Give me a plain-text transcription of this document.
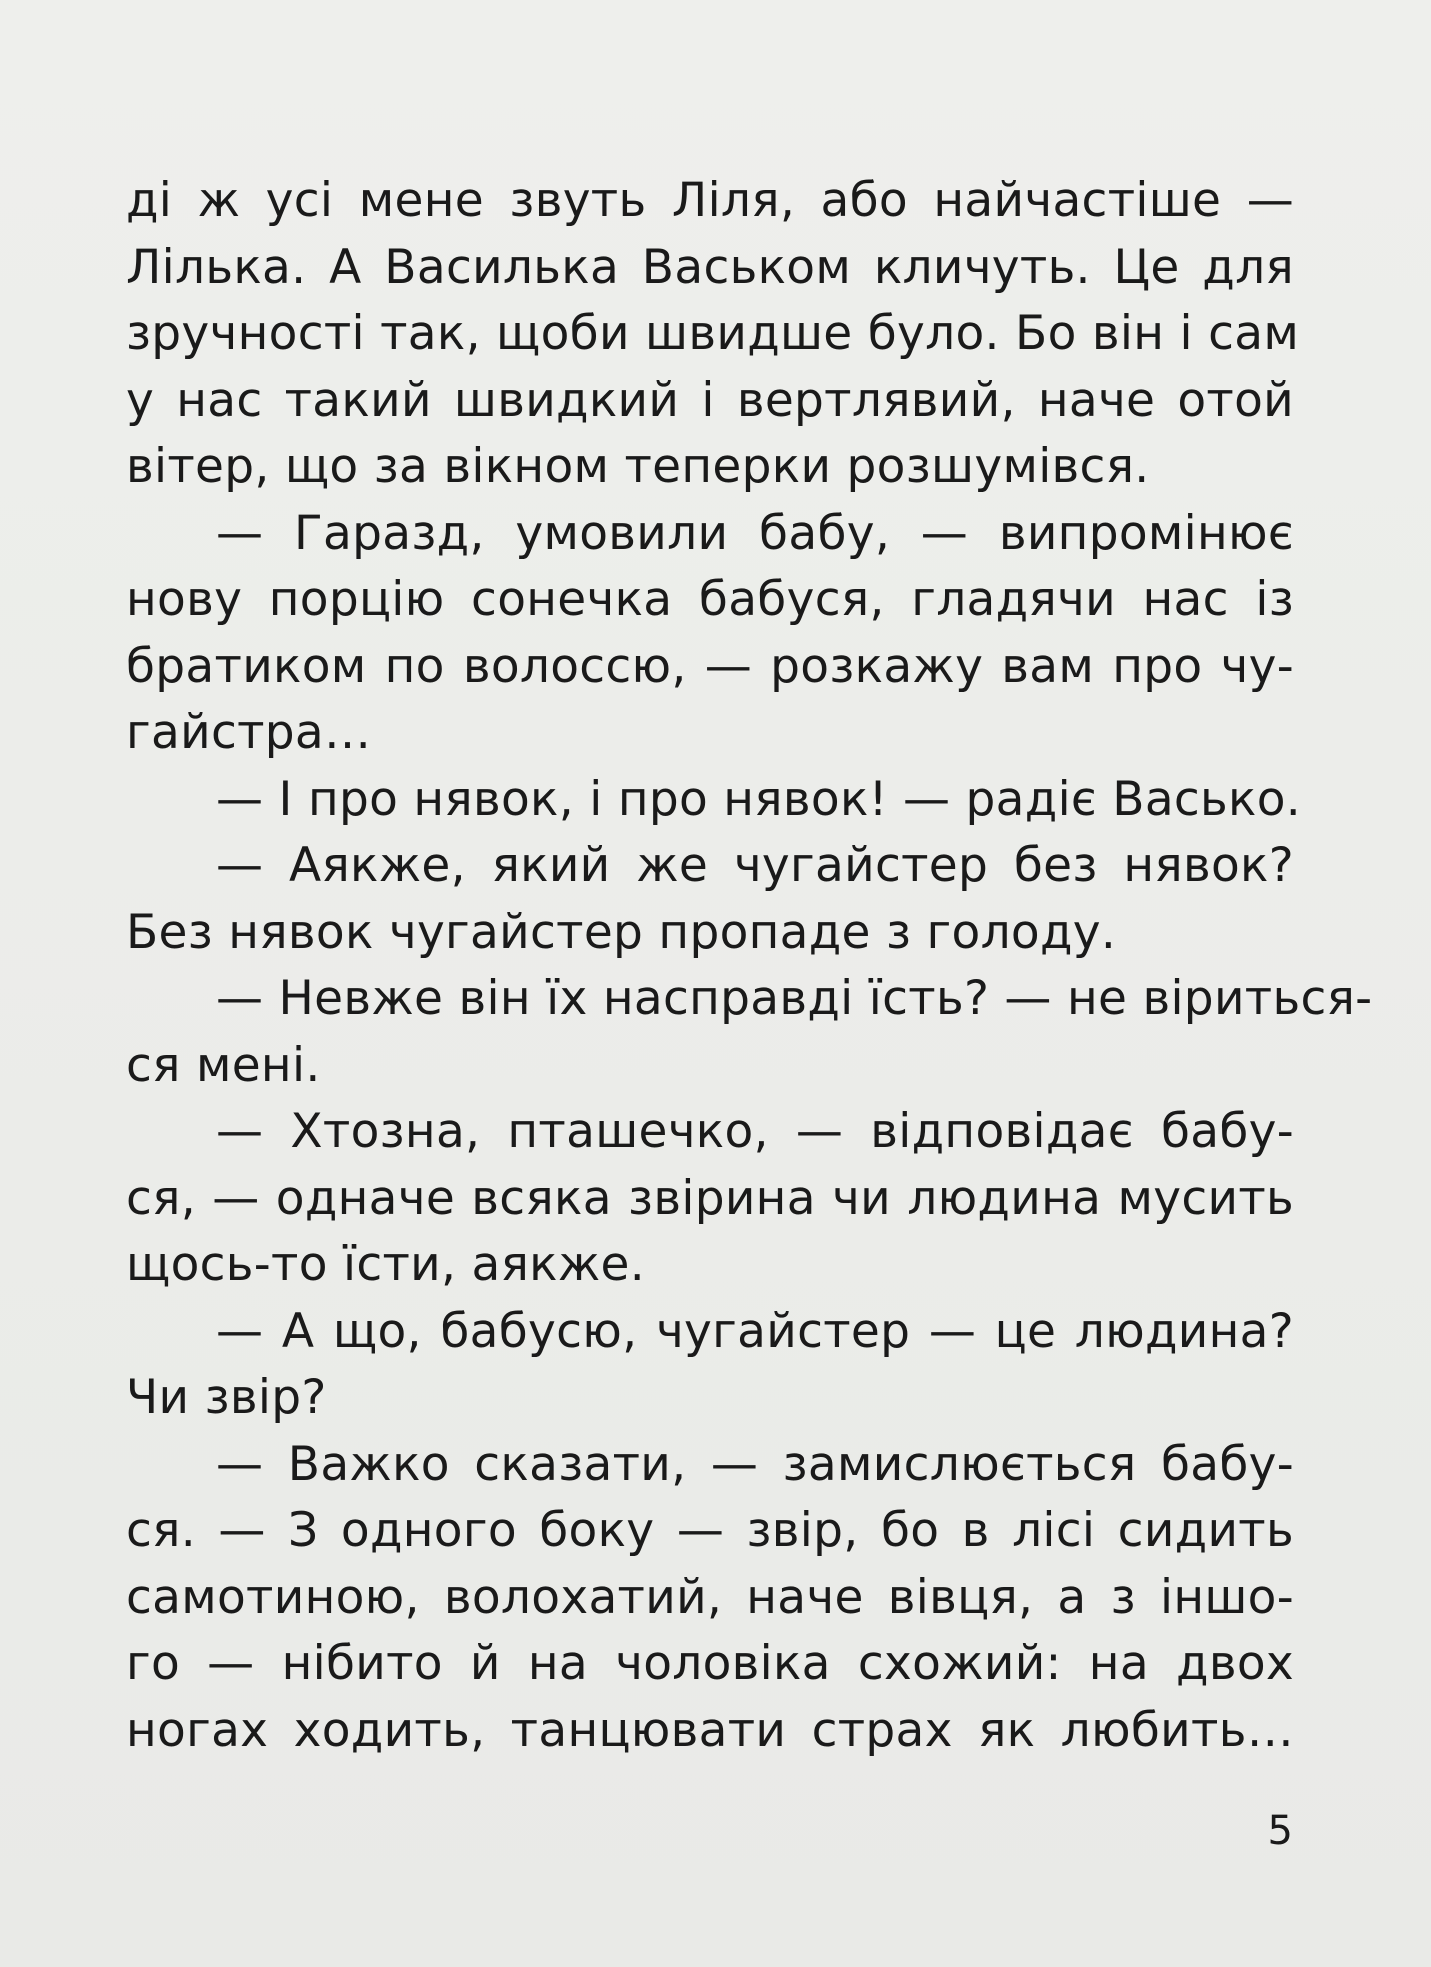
ді ж усі мене звуть Ліля, або найчастіше —
Лілька. А Василька Васьком кличуть. Це для
зручності так, щоби швидше було. Бо він і сам
у нас такий швидкий і вертлявий, наче отой
вітер, що за вікном теперки розшумівся.
— Гаразд, умовили бабу, — випромінює
нову порцію сонечка бабуся, гладячи нас із
братиком по волоссю, — розкажу вам про чу-
гайстра…
— І про нявок, і про нявок! — радіє Васько.
— Аякже, який же чугайстер без нявок?
Без нявок чугайстер пропаде з голоду.
— Невже він їх насправді їсть? — не віриться-
ся мені.
— Хтозна, пташечко, — відповідає бабу-
ся, — одначе всяка звірина чи людина мусить
щось-то їсти, аякже.
— А що, бабусю, чугайстер — це людина?
Чи звір?
— Важко сказати, — замислюється бабу-
ся. — З одного боку — звір, бо в лісі сидить
самотиною, волохатий, наче вівця, а з іншо-
го — нібито й на чоловіка схожий: на двох
ногах ходить, танцювати страх як любить…
5
